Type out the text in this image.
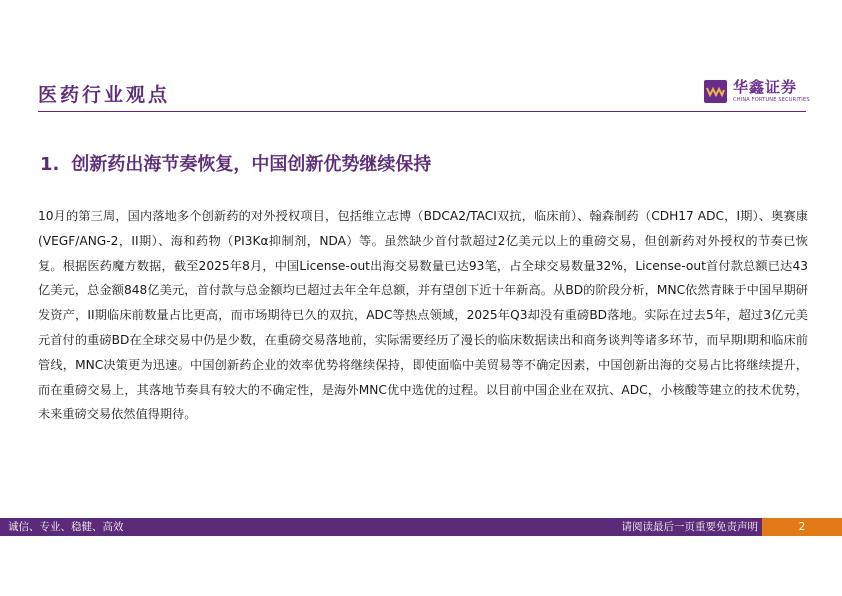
医药行业观点	华鑫证券
CHINA FORTUNE SECURITIES
1. 创新药出海节奏恢复，中国创新优势继续保持

10月的第三周，国内落地多个创新药的对外授权项目，包括维立志博（BDCA2/TACI双抗，临床前）、翰森制药（CDH17 ADC，I期）、奥赛康(VEGF/ANG-2，II期）、海和药物（PI3Kα抑制剂，NDA）等。虽然缺少首付款超过2亿美元以上的重磅交易，但创新药对外授权的节奏已恢复。根据医药魔方数据，截至2025年8月，中国License-out出海交易数量已达93笔，占全球交易数量32%，License-out首付款总额已达43亿美元，总金额848亿美元，首付款与总金额均已超过去年全年总额，并有望创下近十年新高。从BD的阶段分析，MNC依然青睐于中国早期研发资产，II期临床前数量占比更高，而市场期待已久的双抗，ADC等热点领域，2025年Q3却没有重磅BD落地。实际在过去5年，超过3亿元美元首付的重磅BD在全球交易中仍是少数，在重磅交易落地前，实际需要经历了漫长的临床数据读出和商务谈判等诸多环节，而早期I期和临床前管线，MNC决策更为迅速。中国创新药企业的效率优势将继续保持，即使面临中美贸易等不确定因素，中国创新出海的交易占比将继续提升，而在重磅交易上，其落地节奏具有较大的不确定性，是海外MNC优中选优的过程。以目前中国企业在双抗、ADC，小核酸等建立的技术优势，未来重磅交易依然值得期待。

诚信、专业、稳健、高效	请阅读最后一页重要免责声明	2
